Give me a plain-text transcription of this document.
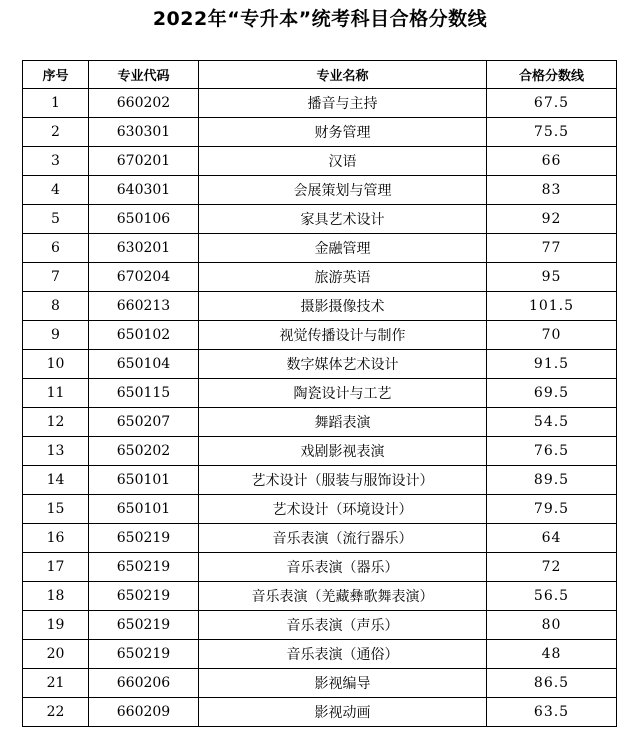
2022年“专升本”统考科目合格分数线
序号	专业代码	专业名称	合格分数线
1	660202	播音与主持	67.5
2	630301	财务管理	75.5
3	670201	汉语	66
4	640301	会展策划与管理	83
5	650106	家具艺术设计	92
6	630201	金融管理	77
7	670204	旅游英语	95
8	660213	摄影摄像技术	101.5
9	650102	视觉传播设计与制作	70
10	650104	数字媒体艺术设计	91.5
11	650115	陶瓷设计与工艺	69.5
12	650207	舞蹈表演	54.5
13	650202	戏剧影视表演	76.5
14	650101	艺术设计（服装与服饰设计）	89.5
15	650101	艺术设计（环境设计）	79.5
16	650219	音乐表演（流行器乐）	64
17	650219	音乐表演（器乐）	72
18	650219	音乐表演（羌藏彝歌舞表演）	56.5
19	650219	音乐表演（声乐）	80
20	650219	音乐表演（通俗）	48
21	660206	影视编导	86.5
22	660209	影视动画	63.5
